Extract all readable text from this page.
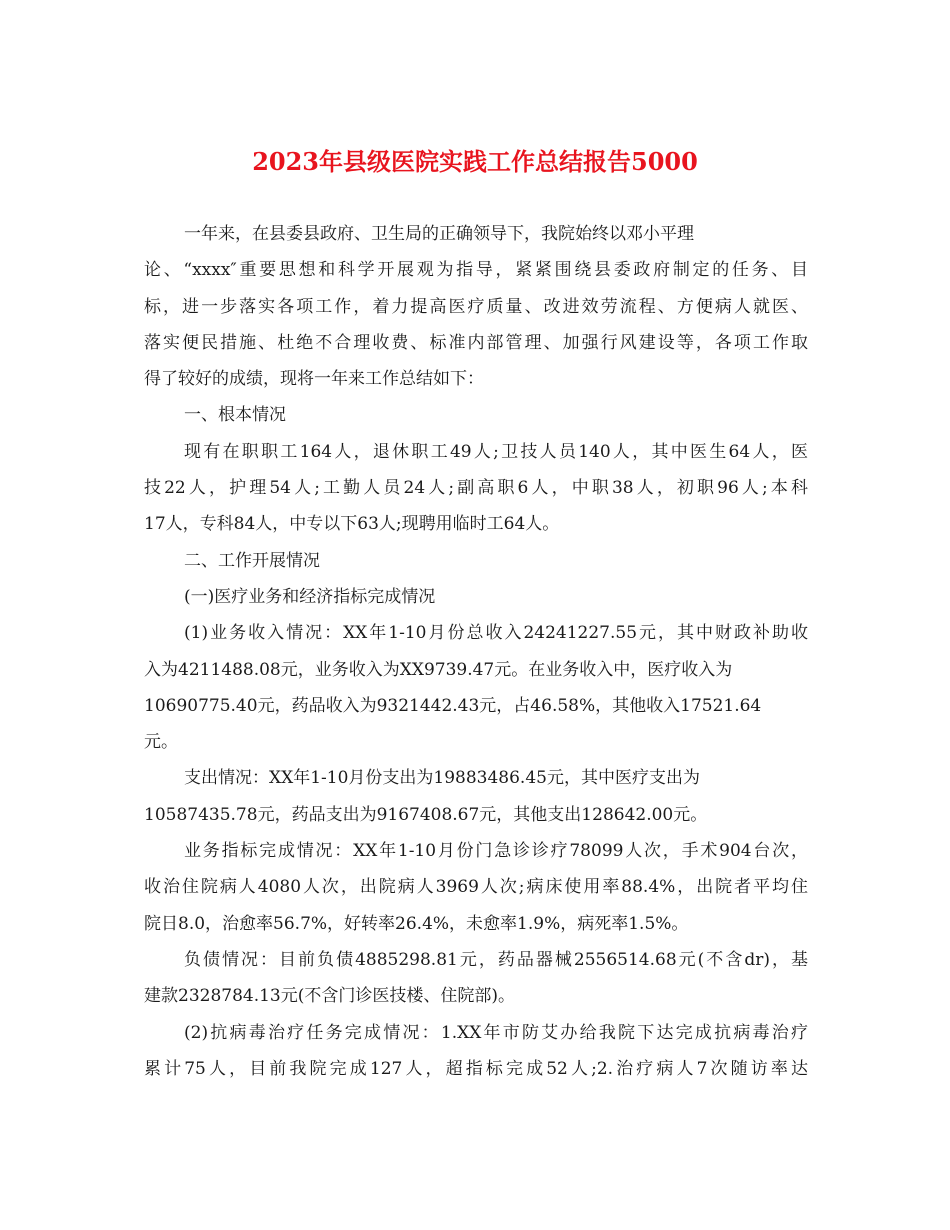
2023年县级医院实践工作总结报告5000
一年来，在县委县政府、卫生局的正确领导下，我院始终以邓小平理
论、“xxxx″重要思想和科学开展观为指导，紧紧围绕县委政府制定的任务、目
标，进一步落实各项工作，着力提高医疗质量、改进效劳流程、方便病人就医、
落实便民措施、杜绝不合理收费、标准内部管理、加强行风建设等，各项工作取
得了较好的成绩，现将一年来工作总结如下：
一、根本情况
现有在职职工164人，退休职工49人;卫技人员140人，其中医生64人，医
技22人，护理54人;工勤人员24人;副高职6人，中职38人，初职96人;本科
17人，专科84人，中专以下63人;现聘用临时工64人。
二、工作开展情况
(一)医疗业务和经济指标完成情况
(1)业务收入情况：XX年1-10月份总收入24241227.55元，其中财政补助收
入为4211488.08元，业务收入为XX9739.47元。在业务收入中，医疗收入为
10690775.40元，药品收入为9321442.43元，占46.58%，其他收入17521.64
元。
支出情况：XX年1-10月份支出为19883486.45元，其中医疗支出为
10587435.78元，药品支出为9167408.67元，其他支出128642.00元。
业务指标完成情况：XX年1-10月份门急诊诊疗78099人次，手术904台次，
收治住院病人4080人次，出院病人3969人次;病床使用率88.4%，出院者平均住
院日8.0，治愈率56.7%，好转率26.4%，未愈率1.9%，病死率1.5%。
负债情况：目前负债4885298.81元，药品器械2556514.68元(不含dr)，基
建款2328784.13元(不含门诊医技楼、住院部)。
(2)抗病毒治疗任务完成情况：1.XX年市防艾办给我院下达完成抗病毒治疗
累计75人，目前我院完成127人，超指标完成52人;2.治疗病人7次随访率达
